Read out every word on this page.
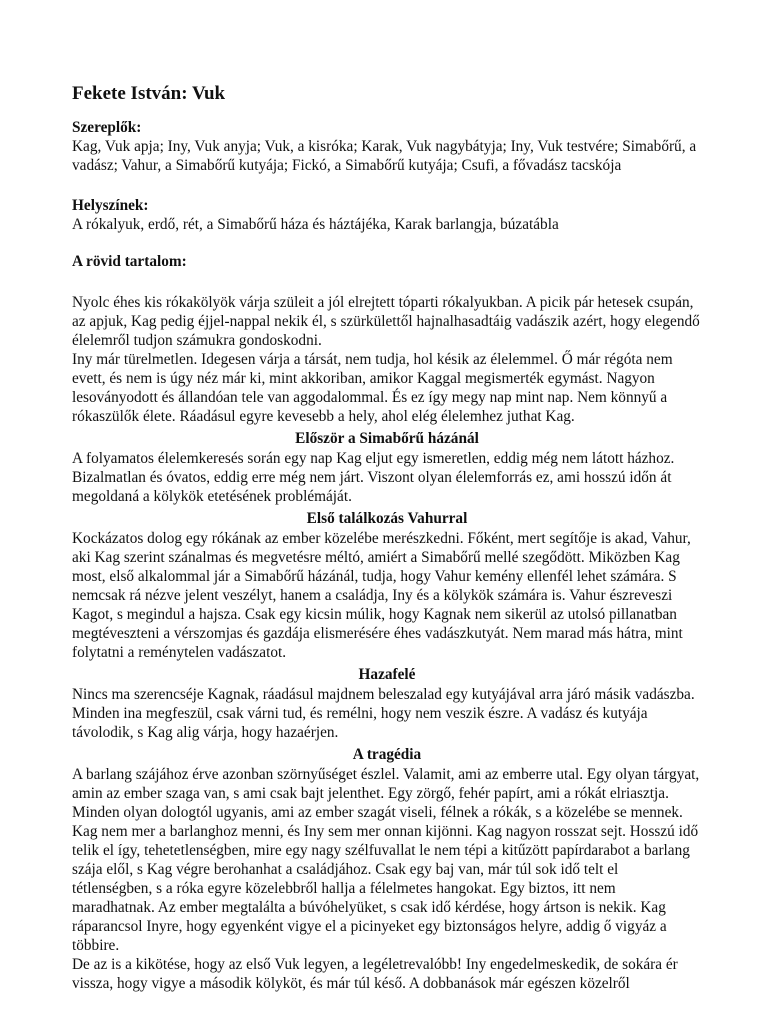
Fekete István: Vuk

Szereplők:

Kag, Vuk apja; Iny, Vuk anyja; Vuk, a kisróka; Karak, Vuk nagybátyja; Iny, Vuk testvére; Simabőrű, a vadász; Vahur, a Simabőrű kutyája; Fickó, a Simabőrű kutyája; Csufi, a fővadász tacskója

Helyszínek:

A rókalyuk, erdő, rét, a Simabőrű háza és háztájéka, Karak barlangja, búzatábla

A rövid tartalom:

Nyolc éhes kis rókakölyök várja szüleit a jól elrejtett tóparti rókalyukban. A picik pár hetesek csupán, az apjuk, Kag pedig éjjel-nappal nekik él, s szürkülettől hajnalhasadtáig vadászik azért, hogy elegendő élelemről tudjon számukra gondoskodni.

Iny már türelmetlen. Idegesen várja a társát, nem tudja, hol késik az élelemmel. Ő már régóta nem evett, és nem is úgy néz már ki, mint akkoriban, amikor Kaggal megismerték egymást. Nagyon lesoványodott és állandóan tele van aggodalommal. És ez így megy nap mint nap. Nem könnyű a rókaszülők élete. Ráadásul egyre kevesebb a hely, ahol elég élelemhez juthat Kag.

Először a Simabőrű házánál

A folyamatos élelemkeresés során egy nap Kag eljut egy ismeretlen, eddig még nem látott házhoz. Bizalmatlan és óvatos, eddig erre még nem járt. Viszont olyan élelemforrás ez, ami hosszú időn át megoldaná a kölykök etetésének problémáját.

Első találkozás Vahurral

Kockázatos dolog egy rókának az ember közelébe merészkedni. Főként, mert segítője is akad, Vahur, aki Kag szerint szánalmas és megvetésre méltó, amiért a Simabőrű mellé szegődött. Miközben Kag most, első alkalommal jár a Simabőrű házánál, tudja, hogy Vahur kemény ellenfél lehet számára. S nemcsak rá nézve jelent veszélyt, hanem a családja, Iny és a kölykök számára is. Vahur észreveszi Kagot, s megindul a hajsza. Csak egy kicsin múlik, hogy Kagnak nem sikerül az utolsó pillanatban megtéveszteni a vérszomjas és gazdája elismerésére éhes vadászkutyát. Nem marad más hátra, mint folytatni a reménytelen vadászatot.

Hazafelé

Nincs ma szerencséje Kagnak, ráadásul majdnem beleszalad egy kutyájával arra járó másik vadászba. Minden ina megfeszül, csak várni tud, és remélni, hogy nem veszik észre. A vadász és kutyája távolodik, s Kag alig várja, hogy hazaérjen.

A tragédia

A barlang szájához érve azonban szörnyűséget észlel. Valamit, ami az emberre utal. Egy olyan tárgyat, amin az ember szaga van, s ami csak bajt jelenthet. Egy zörgő, fehér papírt, ami a rókát elriasztja. Minden olyan dologtól ugyanis, ami az ember szagát viseli, félnek a rókák, s a közelébe se mennek. Kag nem mer a barlanghoz menni, és Iny sem mer onnan kijönni. Kag nagyon rosszat sejt. Hosszú idő telik el így, tehetetlenségben, mire egy nagy szélfuvallat le nem tépi a kitűzött papírdarabot a barlang szája elől, s Kag végre berohanhat a családjához. Csak egy baj van, már túl sok idő telt el tétlenségben, s a róka egyre közelebbről hallja a félelmetes hangokat. Egy biztos, itt nem maradhatnak. Az ember megtalálta a búvóhelyüket, s csak idő kérdése, hogy ártson is nekik. Kag ráparancsol Inyre, hogy egyenként vigye el a picinyeket egy biztonságos helyre, addig ő vigyáz a többire.

De az is a kikötése, hogy az első Vuk legyen, a legéletrevalóbb! Iny engedelmeskedik, de sokára ér vissza, hogy vigye a második kölyköt, és már túl késő. A dobbanások már egészen közelről
